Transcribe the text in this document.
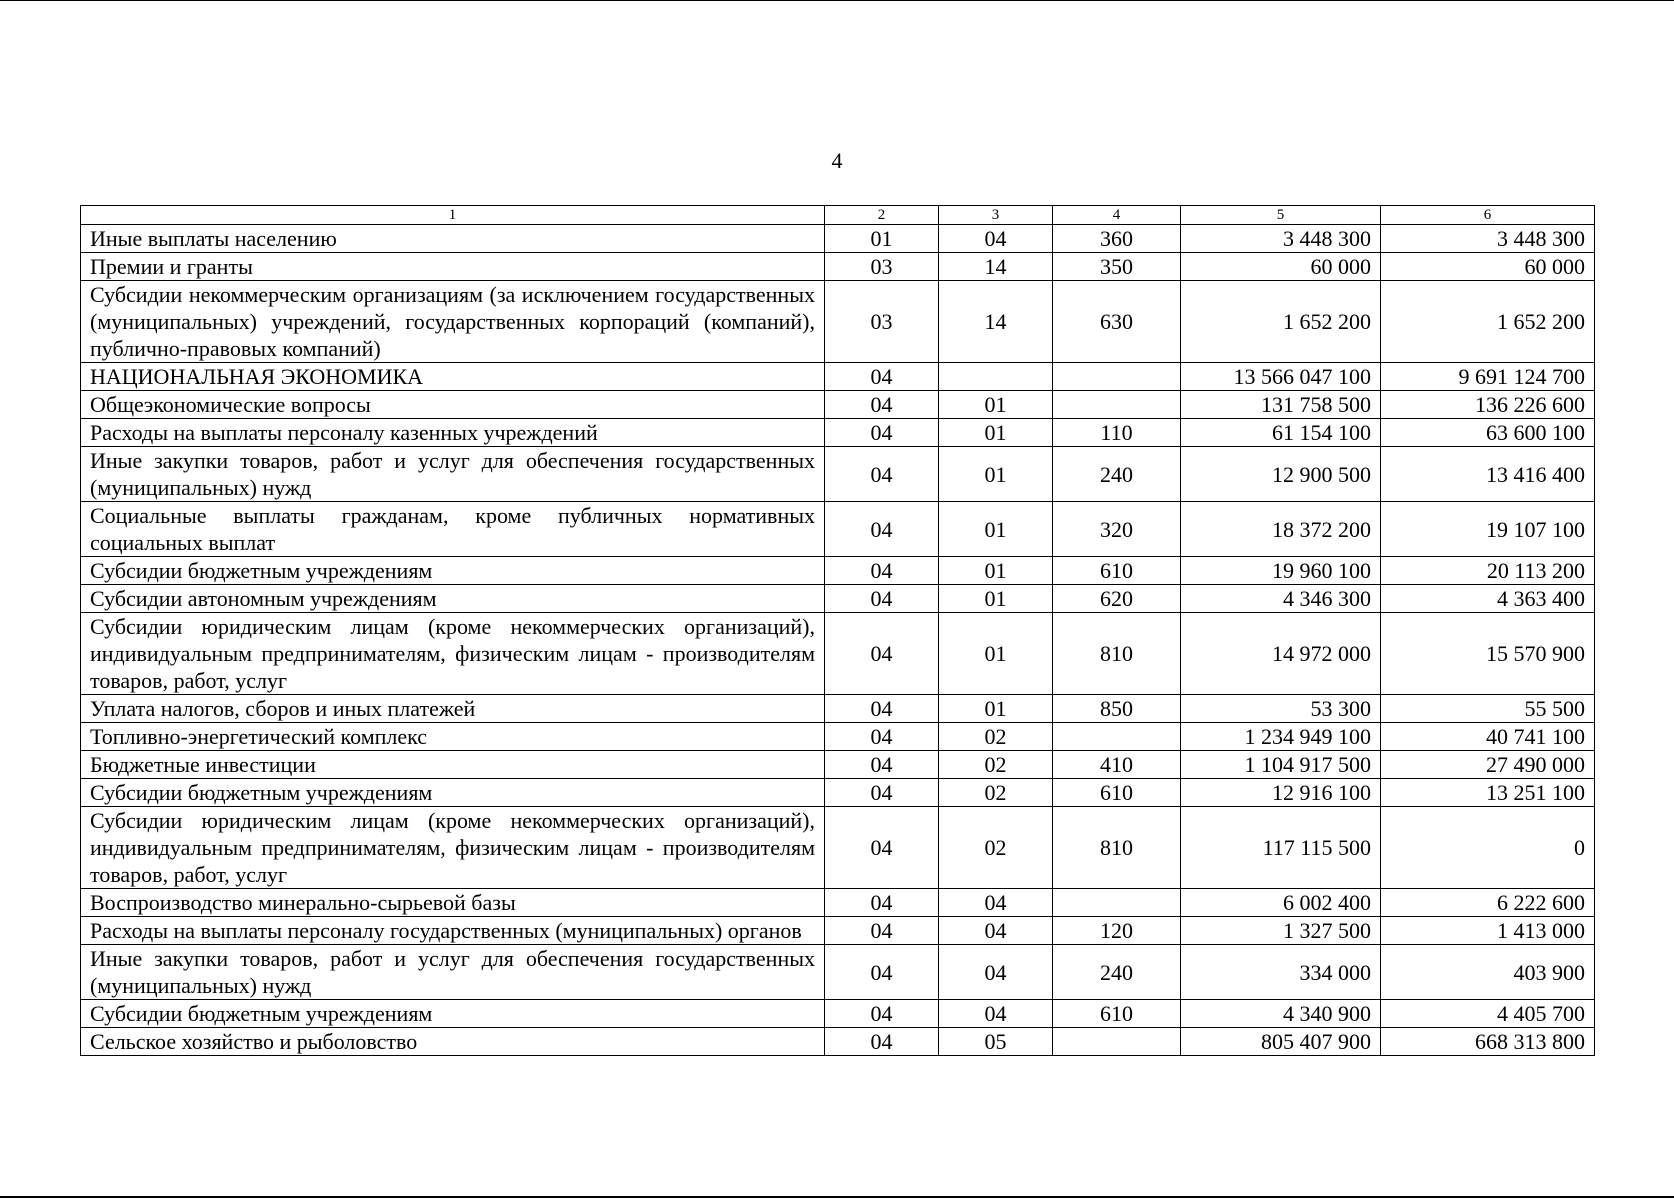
4
1	2	3	4	5	6
Иные выплаты населению	01	04	360	3 448 300	3 448 300
Премии и гранты	03	14	350	60 000	60 000
Субсидии некоммерческим организациям (за исключением государственных (муниципальных) учреждений, государственных корпораций (компаний), публично-правовых компаний)	03	14	630	1 652 200	1 652 200
НАЦИОНАЛЬНАЯ ЭКОНОМИКА	04			13 566 047 100	9 691 124 700
Общеэкономические вопросы	04	01		131 758 500	136 226 600
Расходы на выплаты персоналу казенных учреждений	04	01	110	61 154 100	63 600 100
Иные закупки товаров, работ и услуг для обеспечения государственных (муниципальных) нужд	04	01	240	12 900 500	13 416 400
Социальные выплаты гражданам, кроме публичных нормативных социальных выплат	04	01	320	18 372 200	19 107 100
Субсидии бюджетным учреждениям	04	01	610	19 960 100	20 113 200
Субсидии автономным учреждениям	04	01	620	4 346 300	4 363 400
Субсидии юридическим лицам (кроме некоммерческих организаций), индивидуальным предпринимателям, физическим лицам - производителям товаров, работ, услуг	04	01	810	14 972 000	15 570 900
Уплата налогов, сборов и иных платежей	04	01	850	53 300	55 500
Топливно-энергетический комплекс	04	02		1 234 949 100	40 741 100
Бюджетные инвестиции	04	02	410	1 104 917 500	27 490 000
Субсидии бюджетным учреждениям	04	02	610	12 916 100	13 251 100
Субсидии юридическим лицам (кроме некоммерческих организаций), индивидуальным предпринимателям, физическим лицам - производителям товаров, работ, услуг	04	02	810	117 115 500	0
Воспроизводство минерально-сырьевой базы	04	04		6 002 400	6 222 600
Расходы на выплаты персоналу государственных (муниципальных) органов	04	04	120	1 327 500	1 413 000
Иные закупки товаров, работ и услуг для обеспечения государственных (муниципальных) нужд	04	04	240	334 000	403 900
Субсидии бюджетным учреждениям	04	04	610	4 340 900	4 405 700
Сельское хозяйство и рыболовство	04	05		805 407 900	668 313 800
